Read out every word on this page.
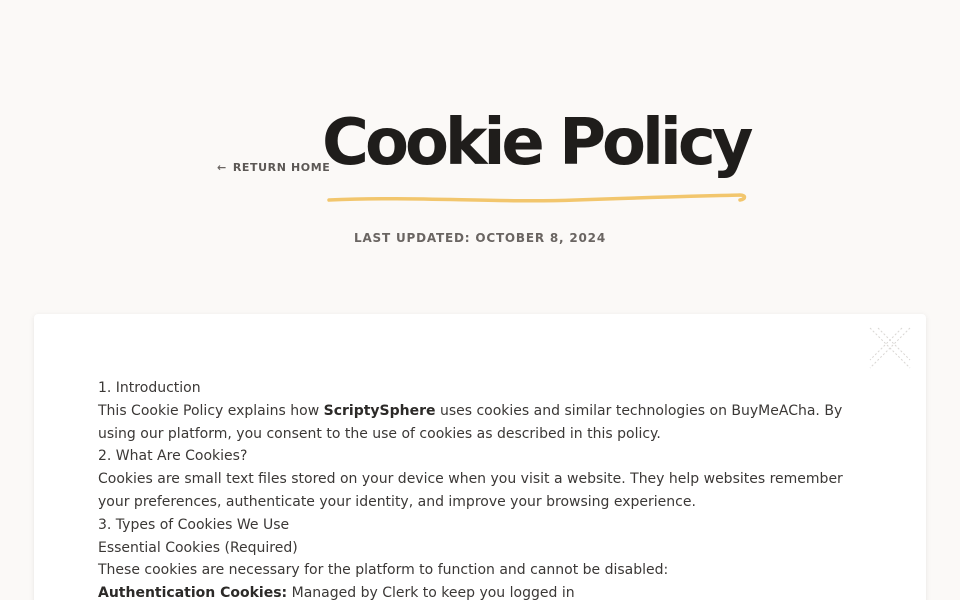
← RETURN HOME
Cookie Policy
LAST UPDATED: OCTOBER 8, 2024
1. Introduction

This Cookie Policy explains how ScriptySphere uses cookies and similar technologies on BuyMeACha. By using our platform, you consent to the use of cookies as described in this policy.

2. What Are Cookies?

Cookies are small text files stored on your device when you visit a website. They help websites remember your preferences, authenticate your identity, and improve your browsing experience.

3. Types of Cookies We Use
Essential Cookies (Required)

These cookies are necessary for the platform to function and cannot be disabled:

Authentication Cookies: Managed by Clerk to keep you logged in
